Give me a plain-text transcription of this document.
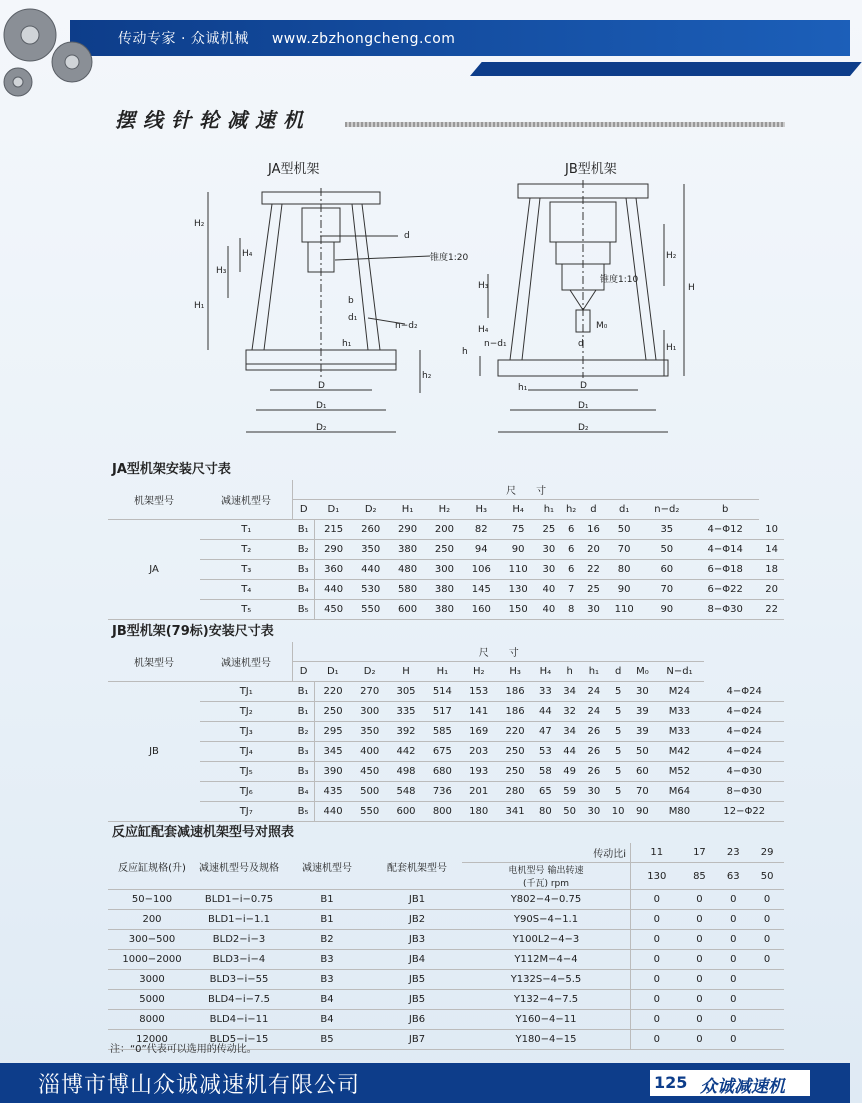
传动专家 · 众诚机械 www.zbzhongcheng.com
摆线针轮减速机
JA型机架
d
锥度1:20
b
d₁
n−d₂
h₁
h₂
H₁
H₂
H₃
H₄
D
D₁
D₂
JB型机架
H
H₁
H₂
H₃
H₄
锥度1:10
M₀
d
n−d₁
h
h₁	D
D₁
D₂
JA型机架安装尺寸表
机架型号	减速机型号	尺　　寸													
		D	D₁	D₂	H₁	H₂	H₃	H₄	h₁	h₂	d	d₁	n−d₂	b	
JA	T₁	B₁	215	260	290	200	82	75	25	6	16	50	35	4−Φ12	10
	T₂	B₂	290	350	380	250	94	90	30	6	20	70	50	4−Φ14	14
	T₃	B₃	360	440	480	300	106	110	30	6	22	80	60	6−Φ18	18
	T₄	B₄	440	530	580	380	145	130	40	7	25	90	70	6−Φ22	20
	T₅	B₅	450	550	600	380	160	150	40	8	30	110	90	8−Φ30	22
JB型机架(79标)安装尺寸表
机架型号	减速机型号	尺　　寸													
		D	D₁	D₂	H	H₁	H₂	H₃	H₄	h	h₁	d	M₀	N−d₁	
JB	TJ₁	B₁	220	270	305	514	153	186	33	34	24	5	30	M24	4−Φ24
	TJ₂	B₁	250	300	335	517	141	186	44	32	24	5	39	M33	4−Φ24
	TJ₃	B₂	295	350	392	585	169	220	47	34	26	5	39	M33	4−Φ24
	TJ₄	B₃	345	400	442	675	203	250	53	44	26	5	50	M42	4−Φ24
	TJ₅	B₃	390	450	498	680	193	250	58	49	26	5	60	M52	4−Φ30
	TJ₆	B₄	435	500	548	736	201	280	65	59	30	5	70	M64	8−Φ30
	TJ₇	B₅	440	550	600	800	180	341	80	50	30	10	90	M80	12−Φ22
反应缸配套减速机架型号对照表
反应缸规格(升)	减速机型号及规格	减速机型号	配套机架型号	传动比i	11	17	23	29
				电机型号 输出转速
(千瓦) rpm	130	85	63	50
50−100	BLD1−i−0.75	B1	JB1	Y802−4−0.75	0	0	0	0
200	BLD1−i−1.1	B1	JB2	Y90S−4−1.1	0	0	0	0
300−500	BLD2−i−3	B2	JB3	Y100L2−4−3	0	0	0	0
1000−2000	BLD3−i−4	B3	JB4	Y112M−4−4	0	0	0	0
3000	BLD3−i−55	B3	JB5	Y132S−4−5.5	0	0	0	
5000	BLD4−i−7.5	B4	JB5	Y132−4−7.5	0	0	0	
8000	BLD4−i−11	B4	JB6	Y160−4−11	0	0	0	
12000	BLD5−i−15	B5	JB7	Y180−4−15	0	0	0	
注：“0”代表可以选用的传动比。
淄博市博山众诚减速机有限公司	125 众诚减速机
